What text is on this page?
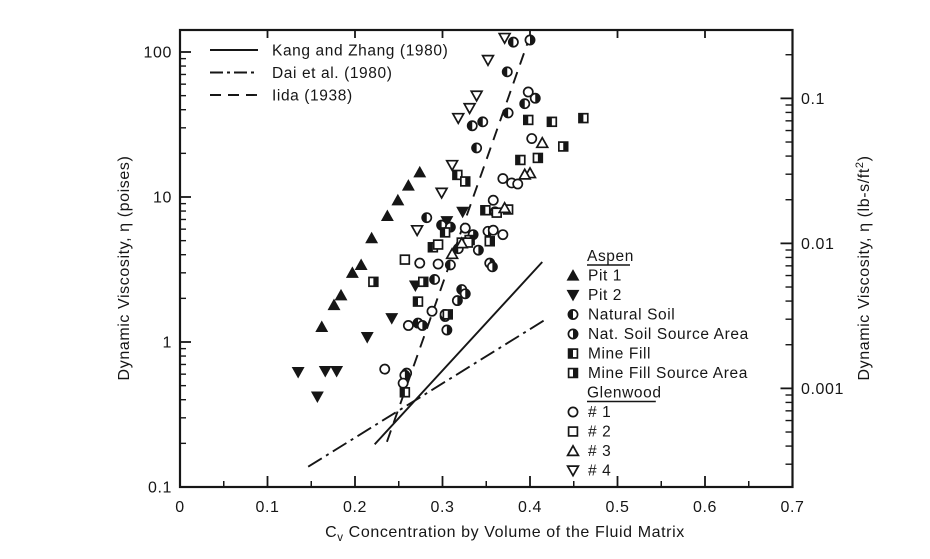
0	0.1	0.2	0.3	0.4	0.5	0.6	0.7
$C_v$ Concentration by Volume of the Fluid Matrix
0.1
1
10
100
Dynamic Viscosity, η (poises)
0.001
0.01
0.1
Dynamic Viscosity, η $(lb-s/ft^2)$
Kang and Zhang (1980)
Dai et al. (1980)
Iida (1938)
Aspen
Pit 1
Pit 2
Natural Soil
Nat. Soil Source Area
Mine Fill
Mine Fill Source Area
Glenwood
# 1
# 2
# 3
# 4
